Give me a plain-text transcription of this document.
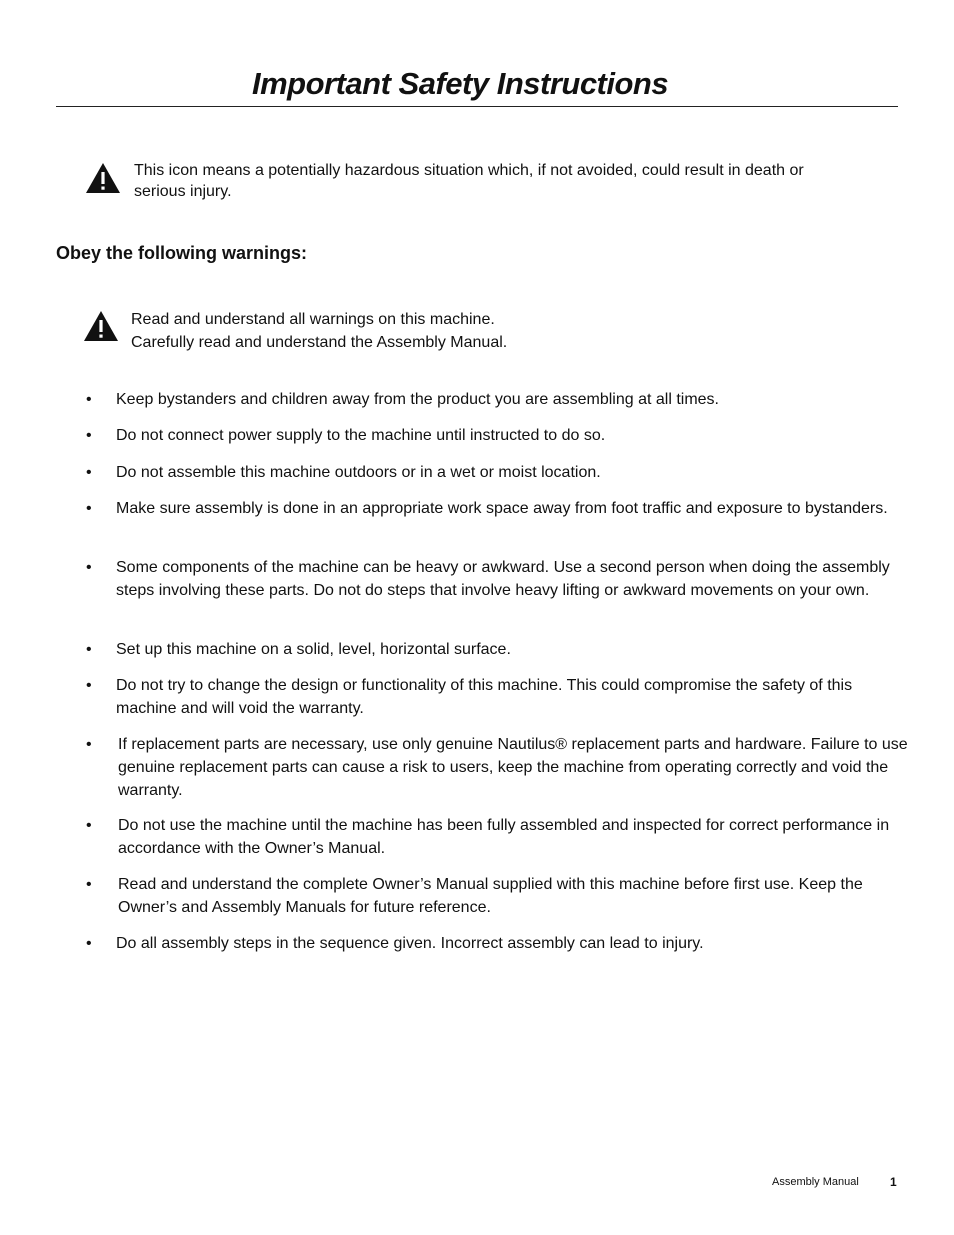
Important Safety Instructions
This icon means a potentially hazardous situation which, if not avoided, could result in death or
serious injury.
Obey the following warnings:
Read and understand all warnings on this machine.
Carefully read and understand the Assembly Manual.
• Keep bystanders and children away from the product you are assembling at all times.
• Do not connect power supply to the machine until instructed to do so.
• Do not assemble this machine outdoors or in a wet or moist location.
• Make sure assembly is done in an appropriate work space away from foot traffic and exposure to bystanders.
• Some components of the machine can be heavy or awkward. Use a second person when doing the assembly steps involving these parts. Do not do steps that involve heavy lifting or awkward movements on your own.
• Set up this machine on a solid, level, horizontal surface.
• Do not try to change the design or functionality of this machine. This could compromise the safety of this machine and will void the warranty.
• If replacement parts are necessary, use only genuine Nautilus® replacement parts and hardware. Failure to use genuine replacement parts can cause a risk to users, keep the machine from operating correctly and void the warranty.
• Do not use the machine until the machine has been fully assembled and inspected for correct performance in accordance with the Owner’s Manual.
• Read and understand the complete Owner’s Manual supplied with this machine before first use. Keep the Owner’s and Assembly Manuals for future reference.
• Do all assembly steps in the sequence given. Incorrect assembly can lead to injury.
Assembly Manual	1
